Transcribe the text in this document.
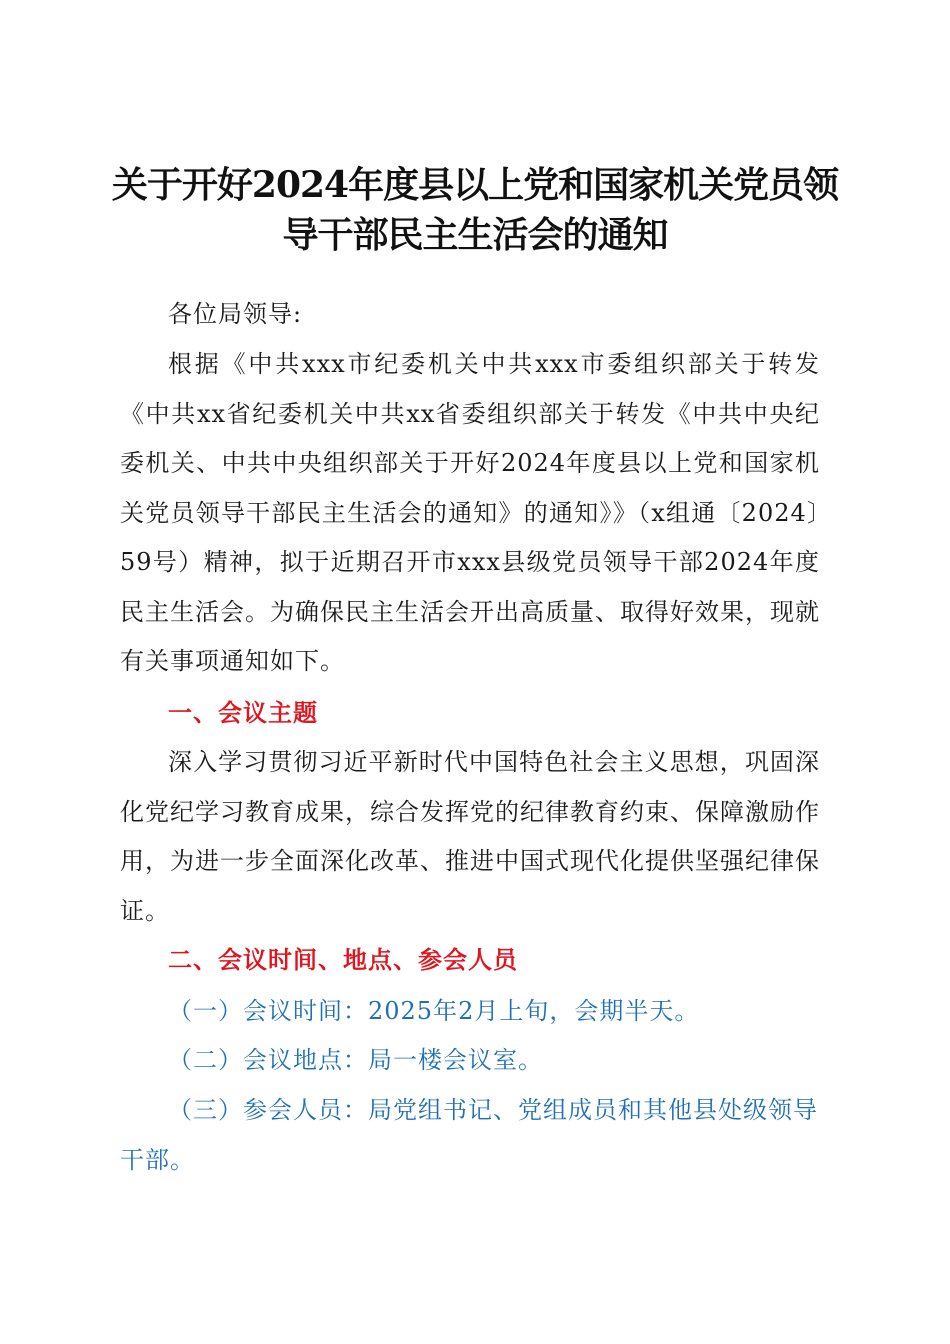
关于开好2024年度县以上党和国家机关党员领导干部民主生活会的通知
各位局领导:
根据《中共xxx市纪委机关中共xxx市委组织部关于转发《中共xx省纪委机关中共xx省委组织部关于转发《中共中央纪委机关、中共中央组织部关于开好2024年度县以上党和国家机关党员领导干部民主生活会的通知》的通知》》（x组通〔2024〕59号）精神，拟于近期召开市xxx县级党员领导干部2024年度民主生活会。为确保民主生活会开出高质量、取得好效果，现就有关事项通知如下。
一、会议主题
深入学习贯彻习近平新时代中国特色社会主义思想，巩固深化党纪学习教育成果，综合发挥党的纪律教育约束、保障激励作用，为进一步全面深化改革、推进中国式现代化提供坚强纪律保证。
二、会议时间、地点、参会人员
（一）会议时间：2025年2月上旬，会期半天。
（二）会议地点：局一楼会议室。
（三）参会人员：局党组书记、党组成员和其他县处级领导干部。
